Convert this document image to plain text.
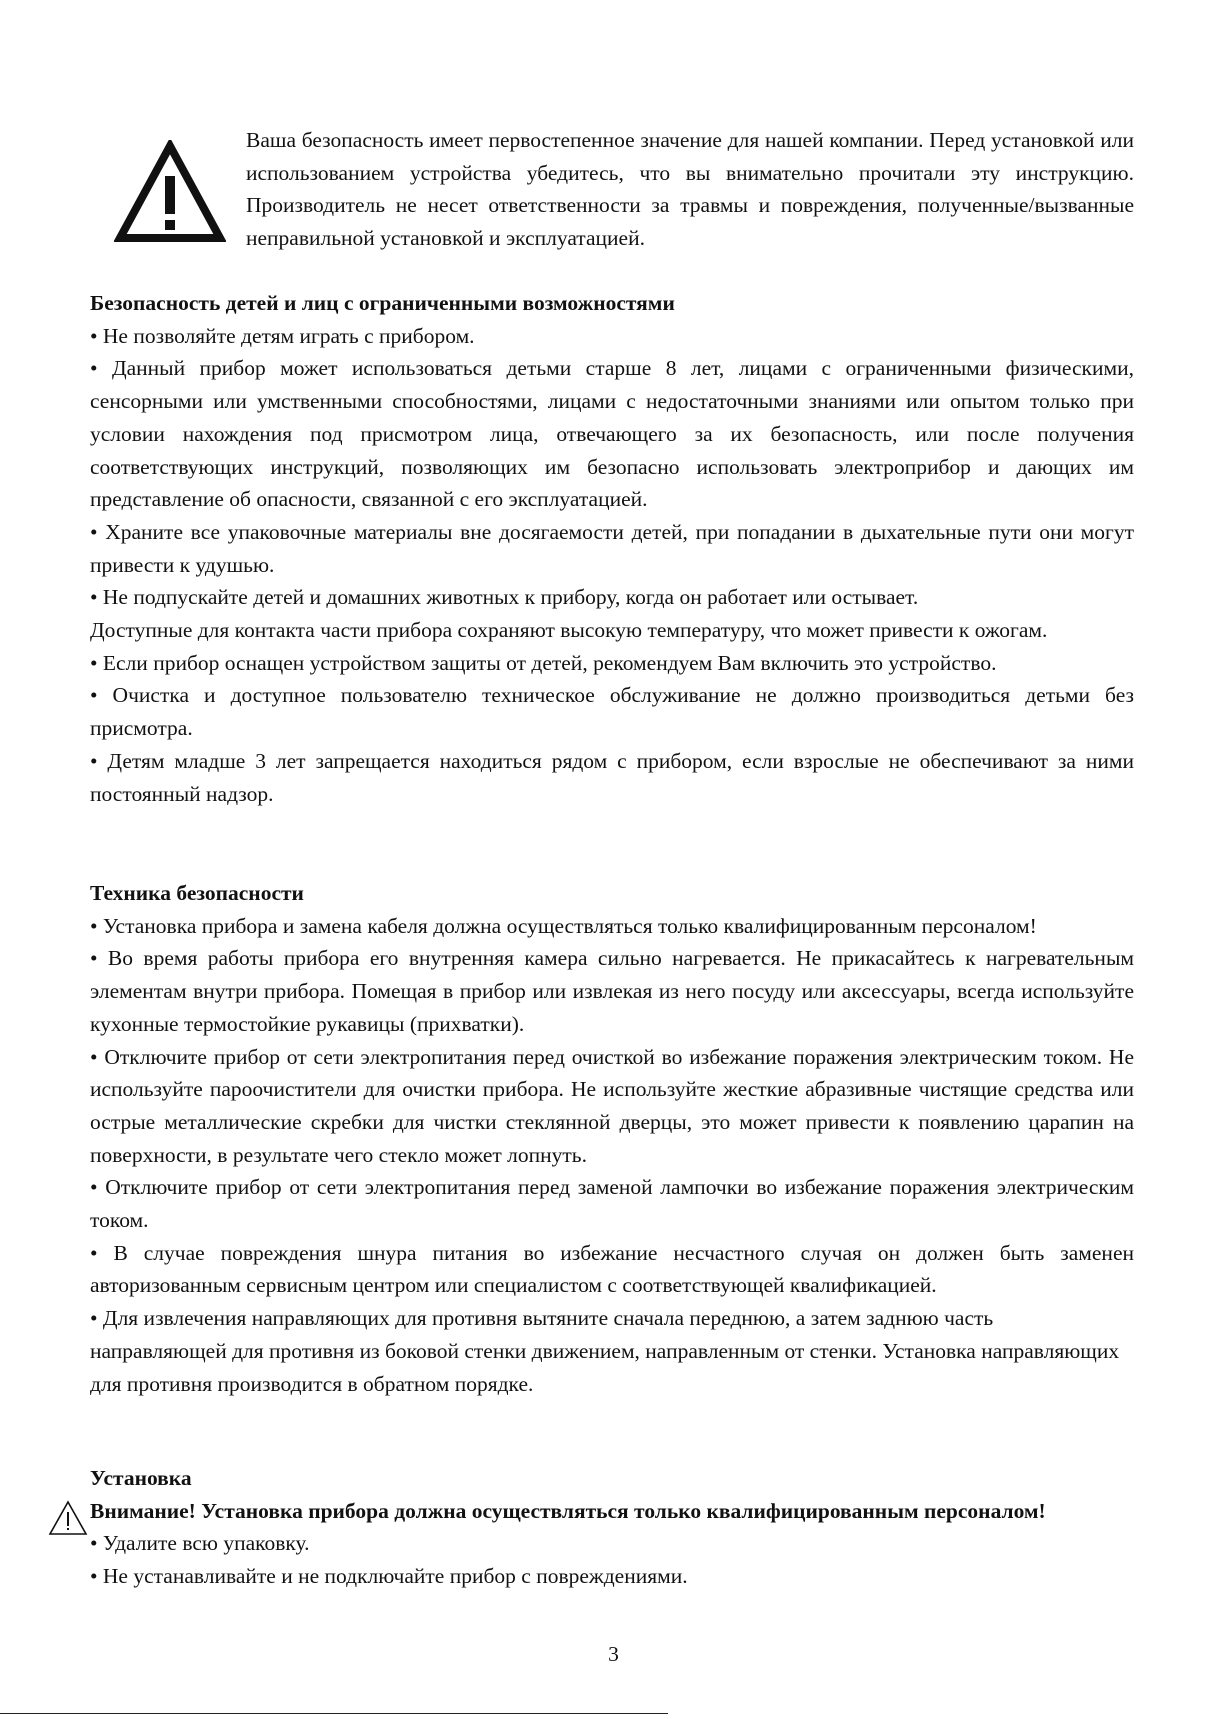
Ваша безопасность имеет первостепенное значение для нашей компании. Перед установкой или использованием устройства убедитесь, что вы внимательно прочитали эту инструкцию. Производитель не несет ответственности за травмы и повреждения, полученные/вызванные неправильной установкой и эксплуатацией.

Безопасность детей и лиц с ограниченными возможностями

• Не позволяйте детям играть с прибором.

• Данный прибор может использоваться детьми старше 8 лет, лицами с ограниченными физическими, сенсорными или умственными способностями, лицами с недостаточными знаниями или опытом только при условии нахождения под присмотром лица, отвечающего за их безопасность, или после получения соответствующих инструкций, позволяющих им безопасно использовать электроприбор и дающих им представление об опасности, связанной с его эксплуатацией.

• Храните все упаковочные материалы вне досягаемости детей, при попадании в дыхательные пути они могут привести к удушью.

• Не подпускайте детей и домашних животных к прибору, когда он работает или остывает.

Доступные для контакта части прибора сохраняют высокую температуру, что может привести к ожогам.

• Если прибор оснащен устройством защиты от детей, рекомендуем Вам включить это устройство.

• Очистка и доступное пользователю техническое обслуживание не должно производиться детьми без присмотра.

• Детям младше 3 лет запрещается находиться рядом с прибором, если взрослые не обеспечивают за ними постоянный надзор.

Техника безопасности

• Установка прибора и замена кабеля должна осуществляться только квалифицированным персоналом!

• Во время работы прибора его внутренняя камера сильно нагревается. Не прикасайтесь к нагревательным элементам внутри прибора. Помещая в прибор или извлекая из него посуду или аксессуары, всегда используйте кухонные термостойкие рукавицы (прихватки).

• Отключите прибор от сети электропитания перед очисткой во избежание поражения электрическим током. Не используйте пароочистители для очистки прибора. Не используйте жесткие абразивные чистящие средства или острые металлические скребки для чистки стеклянной дверцы, это может привести к появлению царапин на поверхности, в результате чего стекло может лопнуть.

• Отключите прибор от сети электропитания перед заменой лампочки во избежание поражения электрическим током.

• В случае повреждения шнура питания во избежание несчастного случая он должен быть заменен авторизованным сервисным центром или специалистом с соответствующей квалификацией.

• Для извлечения направляющих для противня вытяните сначала переднюю, а затем заднюю часть направляющей для противня из боковой стенки движением, направленным от стенки. Установка направляющих для противня производится в обратном порядке.

Установка

Внимание! Установка прибора должна осуществляться только квалифицированным персоналом!

• Удалите всю упаковку.

• Не устанавливайте и не подключайте прибор с повреждениями.

3
